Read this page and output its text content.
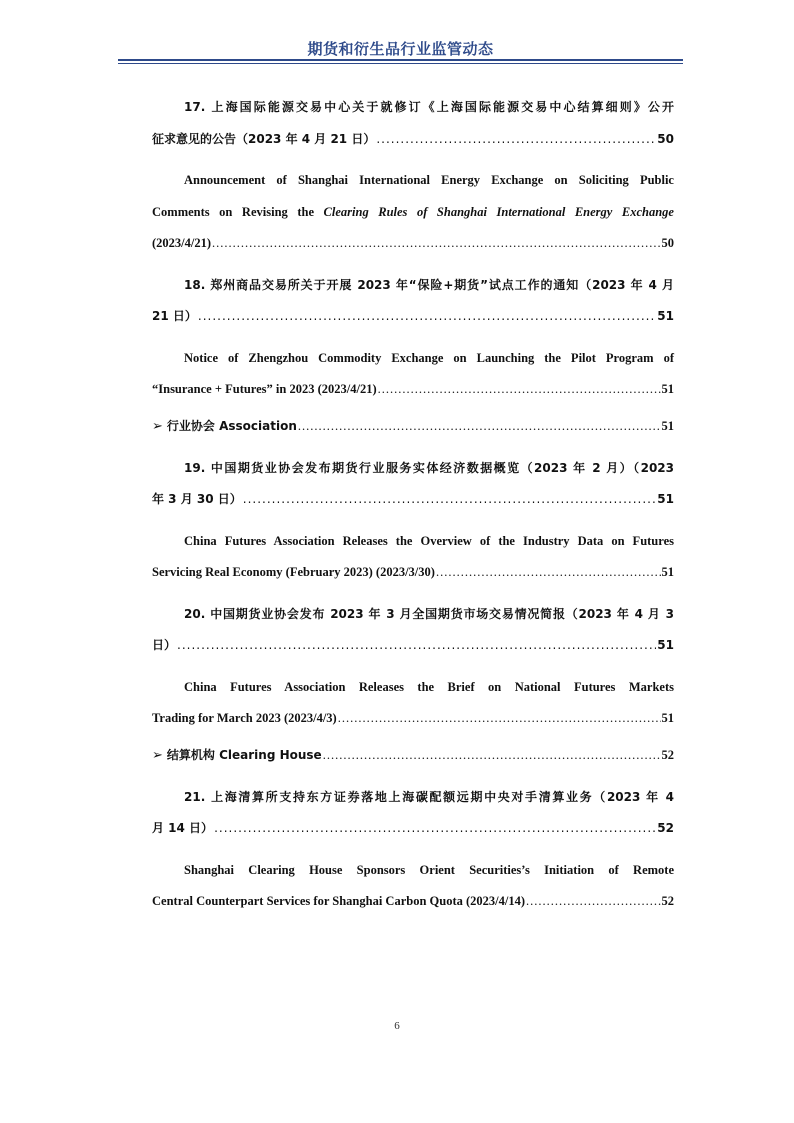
期货和衍生品行业监管动态
17. 上海国际能源交易中心关于就修订《上海国际能源交易中心结算细则》公开
征求意见的公告（2023 年 4 月 21 日） .....	50
Announcement of Shanghai International Energy Exchange on Soliciting Public
Comments on Revising the Clearing Rules of Shanghai International Energy Exchange
(2023/4/21) .....	50
18. 郑州商品交易所关于开展 2023 年“保险+期货”试点工作的通知（2023 年 4 月
21 日） .....	51
Notice of Zhengzhou Commodity Exchange on Launching the Pilot Program of
“Insurance + Futures” in 2023 (2023/4/21) .....	51
➢ 行业协会 Association .....	51
19. 中国期货业协会发布期货行业服务实体经济数据概览（2023 年 2 月）（2023
年 3 月 30 日） .....	51
China Futures Association Releases the Overview of the Industry Data on Futures
Servicing Real Economy (February 2023) (2023/3/30) .....	51
20. 中国期货业协会发布 2023 年 3 月全国期货市场交易情况简报（2023 年 4 月 3
日） .....	51
China Futures Association Releases the Brief on National Futures Markets
Trading for March 2023 (2023/4/3) .....	51
➢ 结算机构 Clearing House .....	52
21. 上海清算所支持东方证券落地上海碳配额远期中央对手清算业务（2023 年 4
月 14 日） .....	52
Shanghai Clearing House Sponsors Orient Securities’s Initiation of Remote
Central Counterpart Services for Shanghai Carbon Quota (2023/4/14) .....	52
6
